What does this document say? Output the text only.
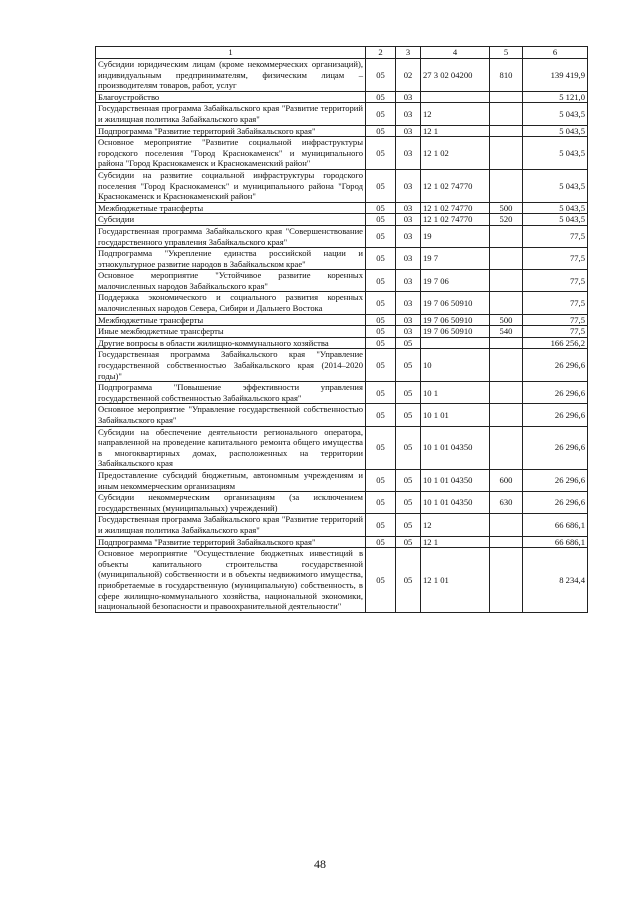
1	2	3	4	5	6
Субсидии юридическим лицам (кроме некоммерческих организаций), индивидуальным предпринимателям, физическим лицам – производителям товаров, работ, услуг	05	02	27 3 02 04200	810	139 419,9
Благоустройство	05	03			5 121,0
Государственная программа Забайкальского края "Развитие территорий и жилищная политика Забайкальского края"	05	03	12		5 043,5
Подпрограмма "Развитие территорий Забайкальского края"	05	03	12 1		5 043,5
Основное мероприятие "Развитие социальной инфраструктуры городского поселения "Город Краснокаменск" и муниципального района "Город Краснокаменск и Краснокаменский район"	05	03	12 1 02		5 043,5
Субсидии на развитие социальной инфраструктуры городского поселения "Город Краснокаменск" и муниципального района "Город Краснокаменск и Краснокаменский район"	05	03	12 1 02 74770		5 043,5
Межбюджетные трансферты	05	03	12 1 02 74770	500	5 043,5
Субсидии	05	03	12 1 02 74770	520	5 043,5
Государственная программа Забайкальского края "Совершенствование государственного управления Забайкальского края"	05	03	19		77,5
Подпрограмма "Укрепление единства российской нации и этнокультурное развитие народов в Забайкальском крае"	05	03	19 7		77,5
Основное мероприятие "Устойчивое развитие коренных малочисленных народов Забайкальского края"	05	03	19 7 06		77,5
Поддержка экономического и социального развития коренных малочисленных народов Севера, Сибири и Дальнего Востока	05	03	19 7 06 50910		77,5
Межбюджетные трансферты	05	03	19 7 06 50910	500	77,5
Иные межбюджетные трансферты	05	03	19 7 06 50910	540	77,5
Другие вопросы в области жилищно-коммунального хозяйства	05	05			166 256,2
Государственная программа Забайкальского края "Управление государственной собственностью Забайкальского края (2014–2020 годы)"	05	05	10		26 296,6
Подпрограмма "Повышение эффективности управления государственной собственностью Забайкальского края"	05	05	10 1		26 296,6
Основное мероприятие "Управление государственной собственностью Забайкальского края"	05	05	10 1 01		26 296,6
Субсидии на обеспечение деятельности регионального оператора, направленной на проведение капитального ремонта общего имущества в многоквартирных домах, расположенных на территории Забайкальского края	05	05	10 1 01 04350		26 296,6
Предоставление субсидий бюджетным, автономным учреждениям и иным некоммерческим организациям	05	05	10 1 01 04350	600	26 296,6
Субсидии некоммерческим организациям (за исключением государственных (муниципальных) учреждений)	05	05	10 1 01 04350	630	26 296,6
Государственная программа Забайкальского края "Развитие территорий и жилищная политика Забайкальского края"	05	05	12		66 686,1
Подпрограмма "Развитие территорий Забайкальского края"	05	05	12 1		66 686,1
Основное мероприятие "Осуществление бюджетных инвестиций в объекты капитального строительства государственной (муниципальной) собственности и в объекты недвижимого имущества, приобретаемые в государственную (муниципальную) собственность, в сфере жилищно-коммунального хозяйства, национальной экономики, национальной безопасности и правоохранительной деятельности"	05	05	12 1 01		8 234,4
48
